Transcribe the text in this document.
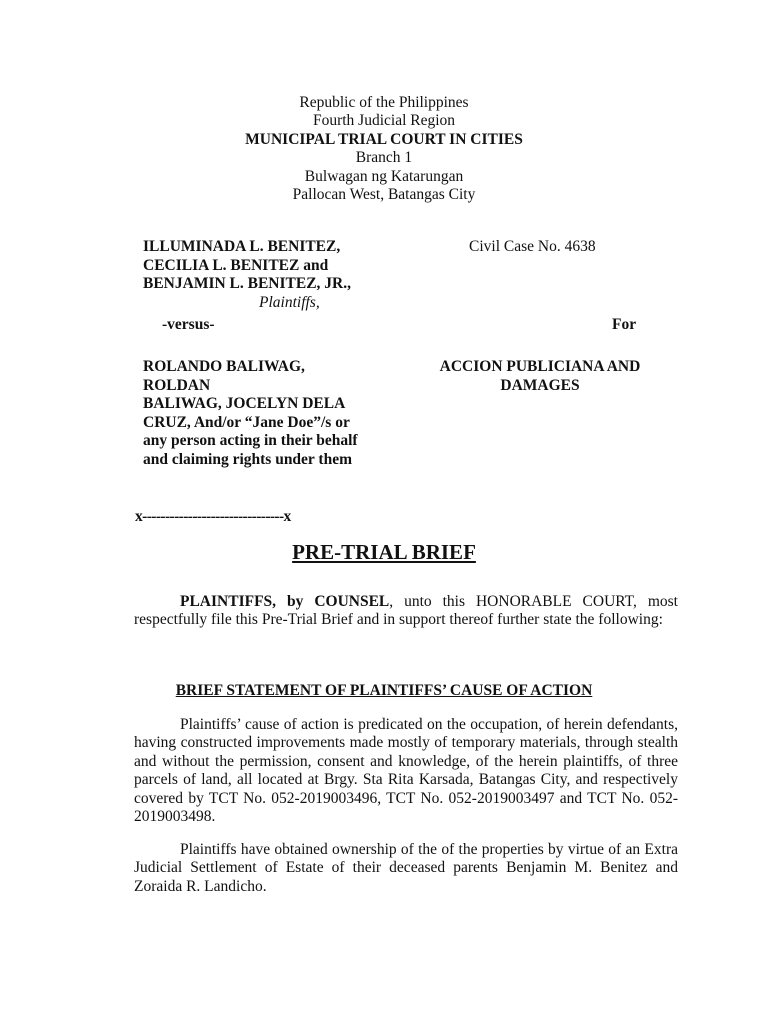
Republic of the Philippines
Fourth Judicial Region
MUNICIPAL TRIAL COURT IN CITIES
Branch 1
Bulwagan ng Katarungan
Pallocan West, Batangas City
ILLUMINADA L. BENITEZ,
CECILIA L. BENITEZ and
BENJAMIN L. BENITEZ, JR.,
Plaintiffs,
-versus-	For
Civil Case No. 4638
ROLANDO BALIWAG,
ROLDAN
BALIWAG, JOCELYN DELA
CRUZ, And/or “Jane Doe”/s or
any person acting in their behalf
and claiming rights under them
ACCION PUBLICIANA AND
DAMAGES
x-------------------------------x
PRE-TRIAL BRIEF

PLAINTIFFS, by COUNSEL, unto this HONORABLE COURT, most respectfully file this Pre-Trial Brief and in support thereof further state the following:

BRIEF STATEMENT OF PLAINTIFFS’ CAUSE OF ACTION

Plaintiffs’ cause of action is predicated on the occupation, of herein defendants, having constructed improvements made mostly of temporary materials, through stealth and without the permission, consent and knowledge, of the herein plaintiffs, of three parcels of land, all located at Brgy. Sta Rita Karsada, Batangas City, and respectively covered by TCT No. 052-2019003496, TCT No. 052-2019003497 and TCT No. 052-2019003498.

Plaintiffs have obtained ownership of the of the properties by virtue of an Extra Judicial Settlement of Estate of their deceased parents Benjamin M. Benitez and Zoraida R. Landicho.
